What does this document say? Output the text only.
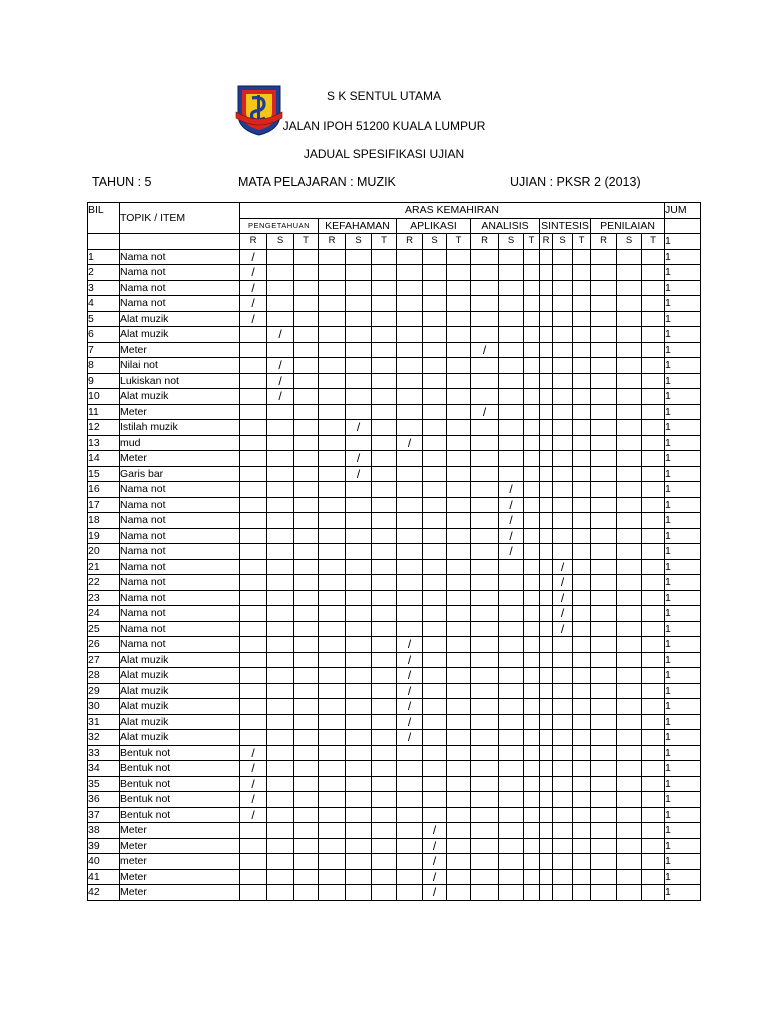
S K SENTUL UTAMA
JALAN IPOH 51200 KUALA LUMPUR
JADUAL SPESIFIKASI UJIAN
TAHUN : 5	MATA PELAJARAN : MUZIK	UJIAN : PKSR 2 (2013)
BIL	TOPIK / ITEM	ARAS KEMAHIRAN																		JUM
		PENGETAHUAN			KEFAHAMAN			APLIKASI			ANALISIS			SINTESIS			PENILAIAN			
		R	S	T	R	S	T	R	S	T	R	S	T	R	S	T	R	S	T	1
1	Nama not	/																		1
2	Nama not	/																		1
3	Nama not	/																		1
4	Nama not	/																		1
5	Alat muzik	/																		1
6	Alat muzik		/																	1
7	Meter										/									1
8	Nilai not		/																	1
9	Lukiskan not		/																	1
10	Alat muzik		/																	1
11	Meter										/									1
12	Istilah muzik					/														1
13	mud							/												1
14	Meter					/														1
15	Garis bar					/														1
16	Nama not											/								1
17	Nama not											/								1
18	Nama not											/								1
19	Nama not											/								1
20	Nama not											/								1
21	Nama not														/					1
22	Nama not														/					1
23	Nama not														/					1
24	Nama not														/					1
25	Nama not														/					1
26	Nama not							/												1
27	Alat muzik							/												1
28	Alat muzik							/												1
29	Alat muzik							/												1
30	Alat muzik							/												1
31	Alat muzik							/												1
32	Alat muzik							/												1
33	Bentuk not	/																		1
34	Bentuk not	/																		1
35	Bentuk not	/																		1
36	Bentuk not	/																		1
37	Bentuk not	/																		1
38	Meter								/											1
39	Meter								/											1
40	meter								/											1
41	Meter								/											1
42	Meter								/											1
